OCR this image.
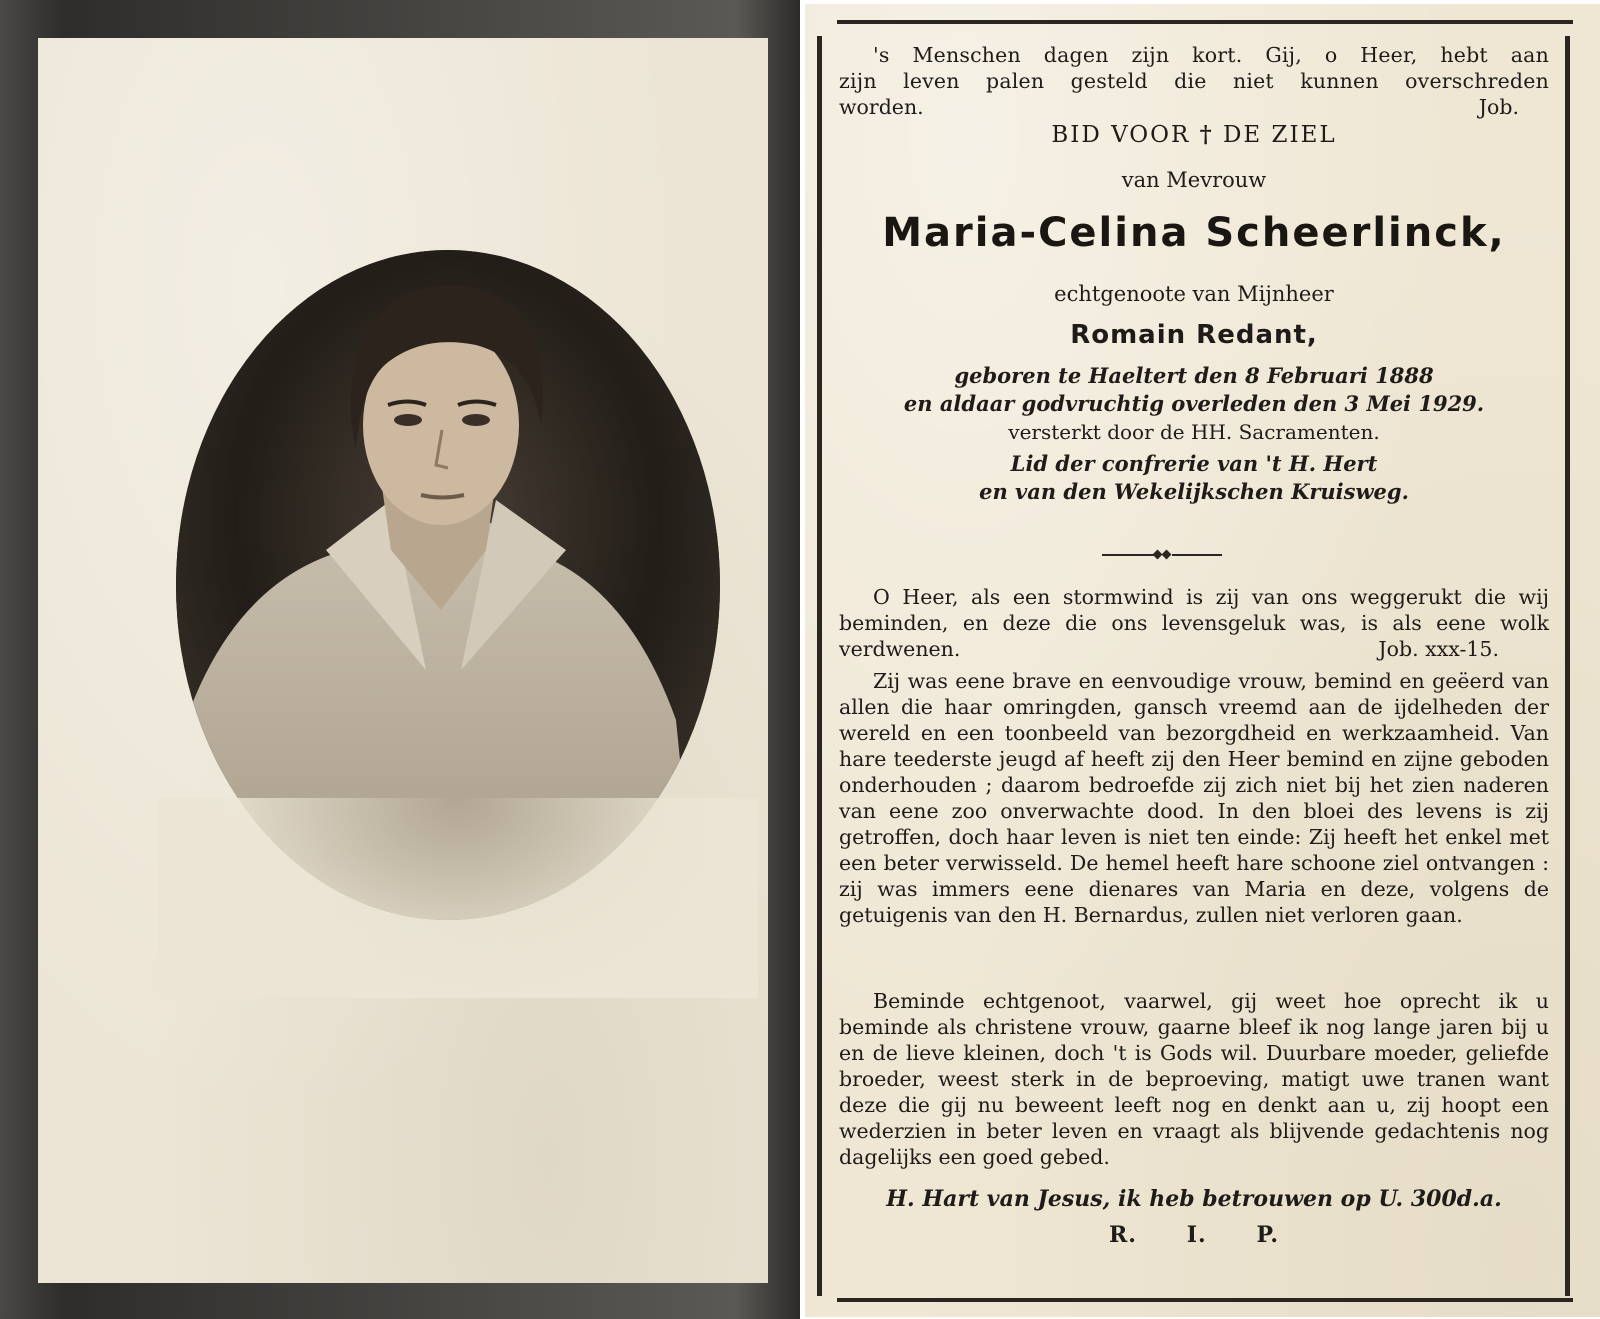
's Menschen dagen zijn kort. Gij, o Heer, hebt aan

zijn leven palen gesteld die niet kunnen overschreden

worden.	Job.

BID VOOR † DE ZIEL

van Mevrouw

Maria-Celina Scheerlinck,

echtgenoote van Mijnheer

Romain Redant,

geboren te Haeltert den 8 Februari 1888

en aldaar godvruchtig overleden den 3 Mei 1929.

versterkt door de HH. Sacramenten.

Lid der confrerie van 't H. Hert

en van den Wekelijkschen Kruisweg.

O Heer, als een stormwind is zij van ons weggerukt die wij beminden, en deze die ons levensgeluk was, is als eene wolk verdwenen.	Job. xxx-15.

Zij was eene brave en eenvoudige vrouw, bemind en geëerd van allen die haar omringden, gansch vreemd aan de ijdelheden der wereld en een toonbeeld van bezorgdheid en werkzaamheid. Van hare teederste jeugd af heeft zij den Heer bemind en zijne geboden onderhouden ; daarom bedroefde zij zich niet bij het zien naderen van eene zoo onverwachte dood. In den bloei des levens is zij getroffen, doch haar leven is niet ten einde: Zij heeft het enkel met een beter verwisseld. De hemel heeft hare schoone ziel ontvangen : zij was immers eene dienares van Maria en deze, volgens de getuigenis van den H. Bernardus, zullen niet verloren gaan.

Beminde echtgenoot, vaarwel, gij weet hoe oprecht ik u beminde als christene vrouw, gaarne bleef ik nog lange jaren bij u en de lieve kleinen, doch 't is Gods wil. Duurbare moeder, geliefde broeder, weest sterk in de beproeving, matigt uwe tranen want deze die gij nu beweent leeft nog en denkt aan u, zij hoopt een wederzien in beter leven en vraagt als blijvende gedachtenis nog dagelijks een goed gebed.

H. Hart van Jesus, ik heb betrouwen op U. 300d.a.

R. I. P.
